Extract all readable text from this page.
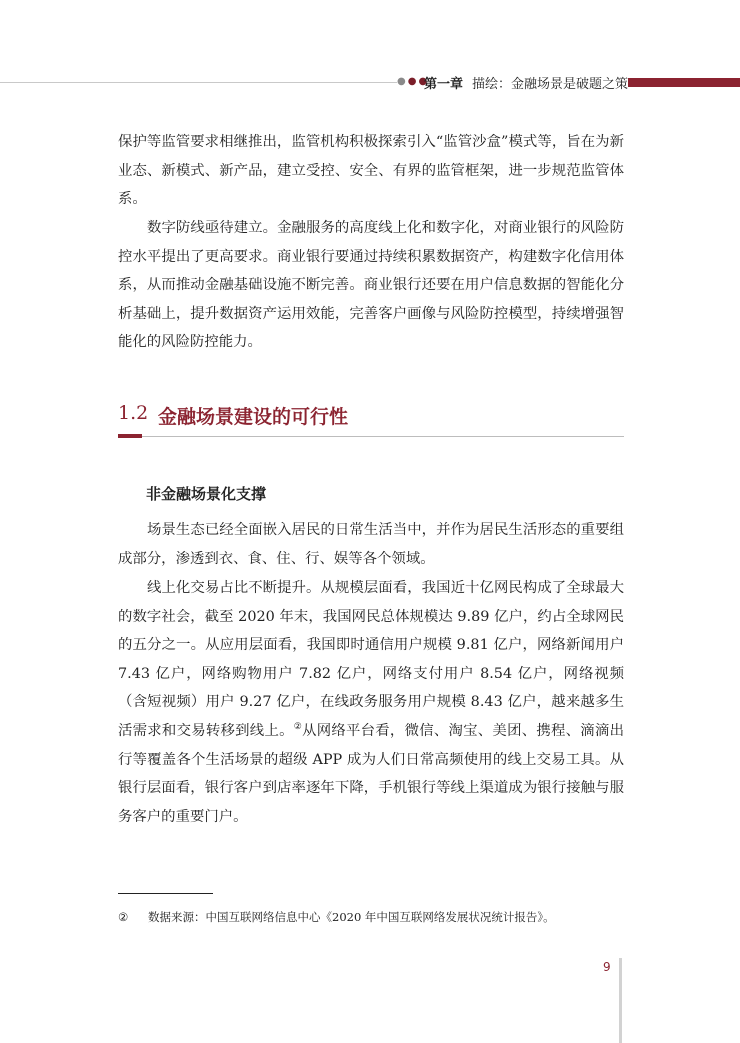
●●●
第一章 描绘：金融场景是破题之策

保护等监管要求相继推出，监管机构积极探索引入“监管沙盒”模式等，旨在为新业态、新模式、新产品，建立受控、安全、有界的监管框架，进一步规范监管体系。

数字防线亟待建立。金融服务的高度线上化和数字化，对商业银行的风险防控水平提出了更高要求。商业银行要通过持续积累数据资产，构建数字化信用体系，从而推动金融基础设施不断完善。商业银行还要在用户信息数据的智能化分析基础上，提升数据资产运用效能，完善客户画像与风险防控模型，持续增强智能化的风险防控能力。

1.2 金融场景建设的可行性
非金融场景化支撑

场景生态已经全面嵌入居民的日常生活当中，并作为居民生活形态的重要组成部分，渗透到衣、食、住、行、娱等各个领域。

线上化交易占比不断提升。从规模层面看，我国近十亿网民构成了全球最大的数字社会，截至 2020 年末，我国网民总体规模达 9.89 亿户，约占全球网民的五分之一。从应用层面看，我国即时通信用户规模 9.81 亿户，网络新闻用户 7.43 亿户，网络购物用户 7.82 亿户，网络支付用户 8.54 亿户，网络视频（含短视频）用户 9.27 亿户，在线政务服务用户规模 8.43 亿户，越来越多生活需求和交易转移到线上。②从网络平台看，微信、淘宝、美团、携程、滴滴出行等覆盖各个生活场景的超级 APP 成为人们日常高频使用的线上交易工具。从银行层面看，银行客户到店率逐年下降，手机银行等线上渠道成为银行接触与服务客户的重要门户。

② 数据来源：中国互联网络信息中心《2020 年中国互联网络发展状况统计报告》。
9
